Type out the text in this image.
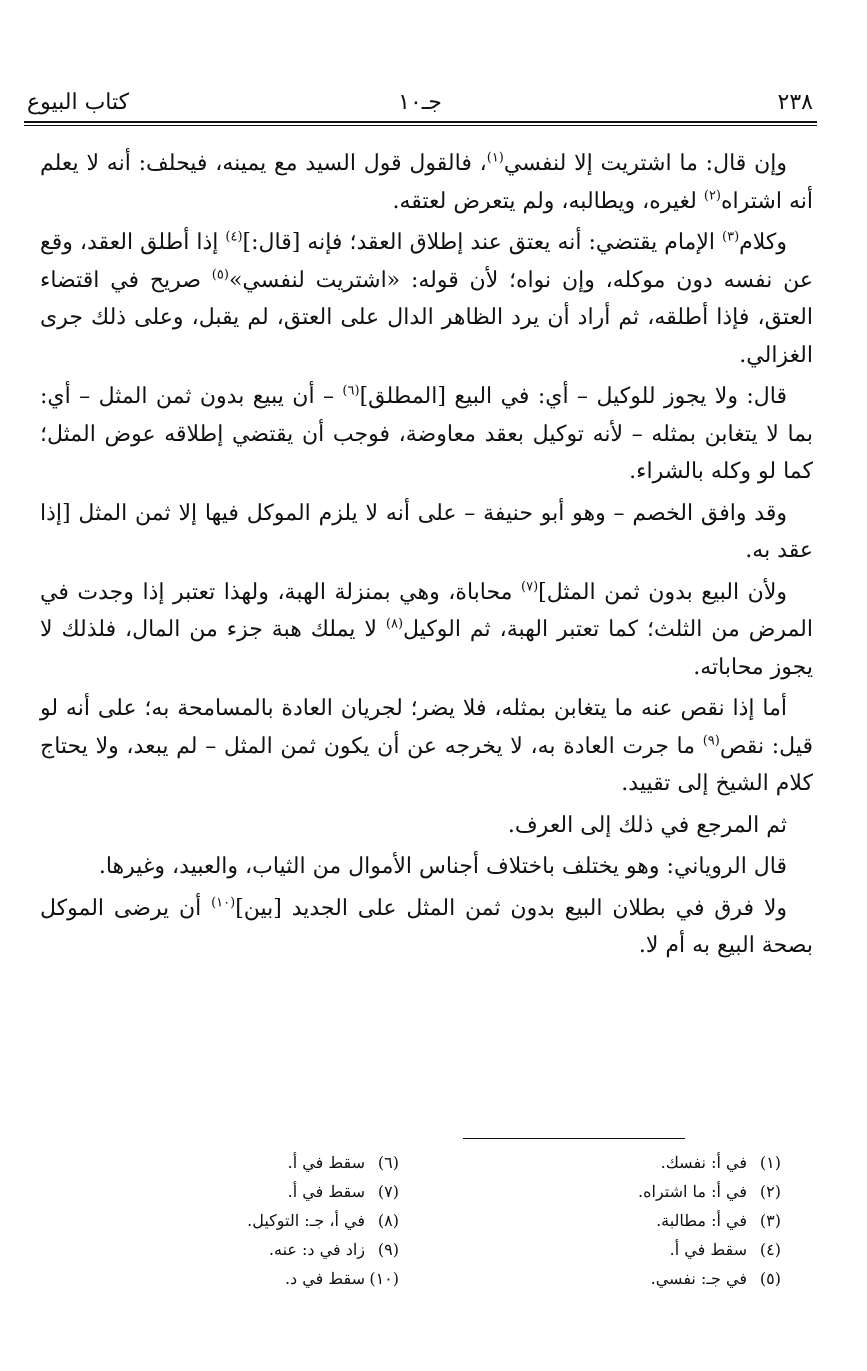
٢٣٨
جـ١٠
كتاب البيوع

وإن قال: ما اشتريت إلا لنفسي$^{(١)}$، فالقول قول السيد مع يمينه، فيحلف: أنه لا يعلم أنه اشتراه$^{(٢)}$ لغيره، ويطالبه، ولم يتعرض لعتقه.

وكلام$^{(٣)}$ الإمام يقتضي: أنه يعتق عند إطلاق العقد؛ فإنه [قال:]$^{(٤)}$ إذا أطلق العقد، وقع عن نفسه دون موكله، وإن نواه؛ لأن قوله: «اشتريت لنفسي»$^{(٥)}$ صريح في اقتضاء العتق، فإذا أطلقه، ثم أراد أن يرد الظاهر الدال على العتق، لم يقبل، وعلى ذلك جرى الغزالي.

قال: ولا يجوز للوكيل – أي: في البيع [المطلق]$^{(٦)}$ – أن يبيع بدون ثمن المثل – أي: بما لا يتغابن بمثله – لأنه توكيل بعقد معاوضة، فوجب أن يقتضي إطلاقه عوض المثل؛ كما لو وكله بالشراء.

وقد وافق الخصم – وهو أبو حنيفة – على أنه لا يلزم الموكل فيها إلا ثمن المثل [إذا عقد به.

ولأن البيع بدون ثمن المثل]$^{(٧)}$ محاباة، وهي بمنزلة الهبة، ولهذا تعتبر إذا وجدت في المرض من الثلث؛ كما تعتبر الهبة، ثم الوكيل$^{(٨)}$ لا يملك هبة جزء من المال، فلذلك لا يجوز محاباته.

أما إذا نقص عنه ما يتغابن بمثله، فلا يضر؛ لجريان العادة بالمسامحة به؛ على أنه لو قيل: نقص$^{(٩)}$ ما جرت العادة به، لا يخرجه عن أن يكون ثمن المثل – لم يبعد، ولا يحتاج كلام الشيخ إلى تقييد.

ثم المرجع في ذلك إلى العرف.

قال الروياني: وهو يختلف باختلاف أجناس الأموال من الثياب، والعبيد، وغيرها.

ولا فرق في بطلان البيع بدون ثمن المثل على الجديد [بين]$^{(١٠)}$ أن يرضى الموكل بصحة البيع به أم لا.

(١)في أ: نفسك.
(٢)في أ: ما اشتراه.
(٣)في أ: مطالبة.
(٤)سقط في أ.
(٥)في جـ: نفسي.
(٦)سقط في أ.
(٧)سقط في أ.
(٨)في أ، جـ: التوكيل.
(٩)زاد في د: عنه.
(١٠)سقط في د.
